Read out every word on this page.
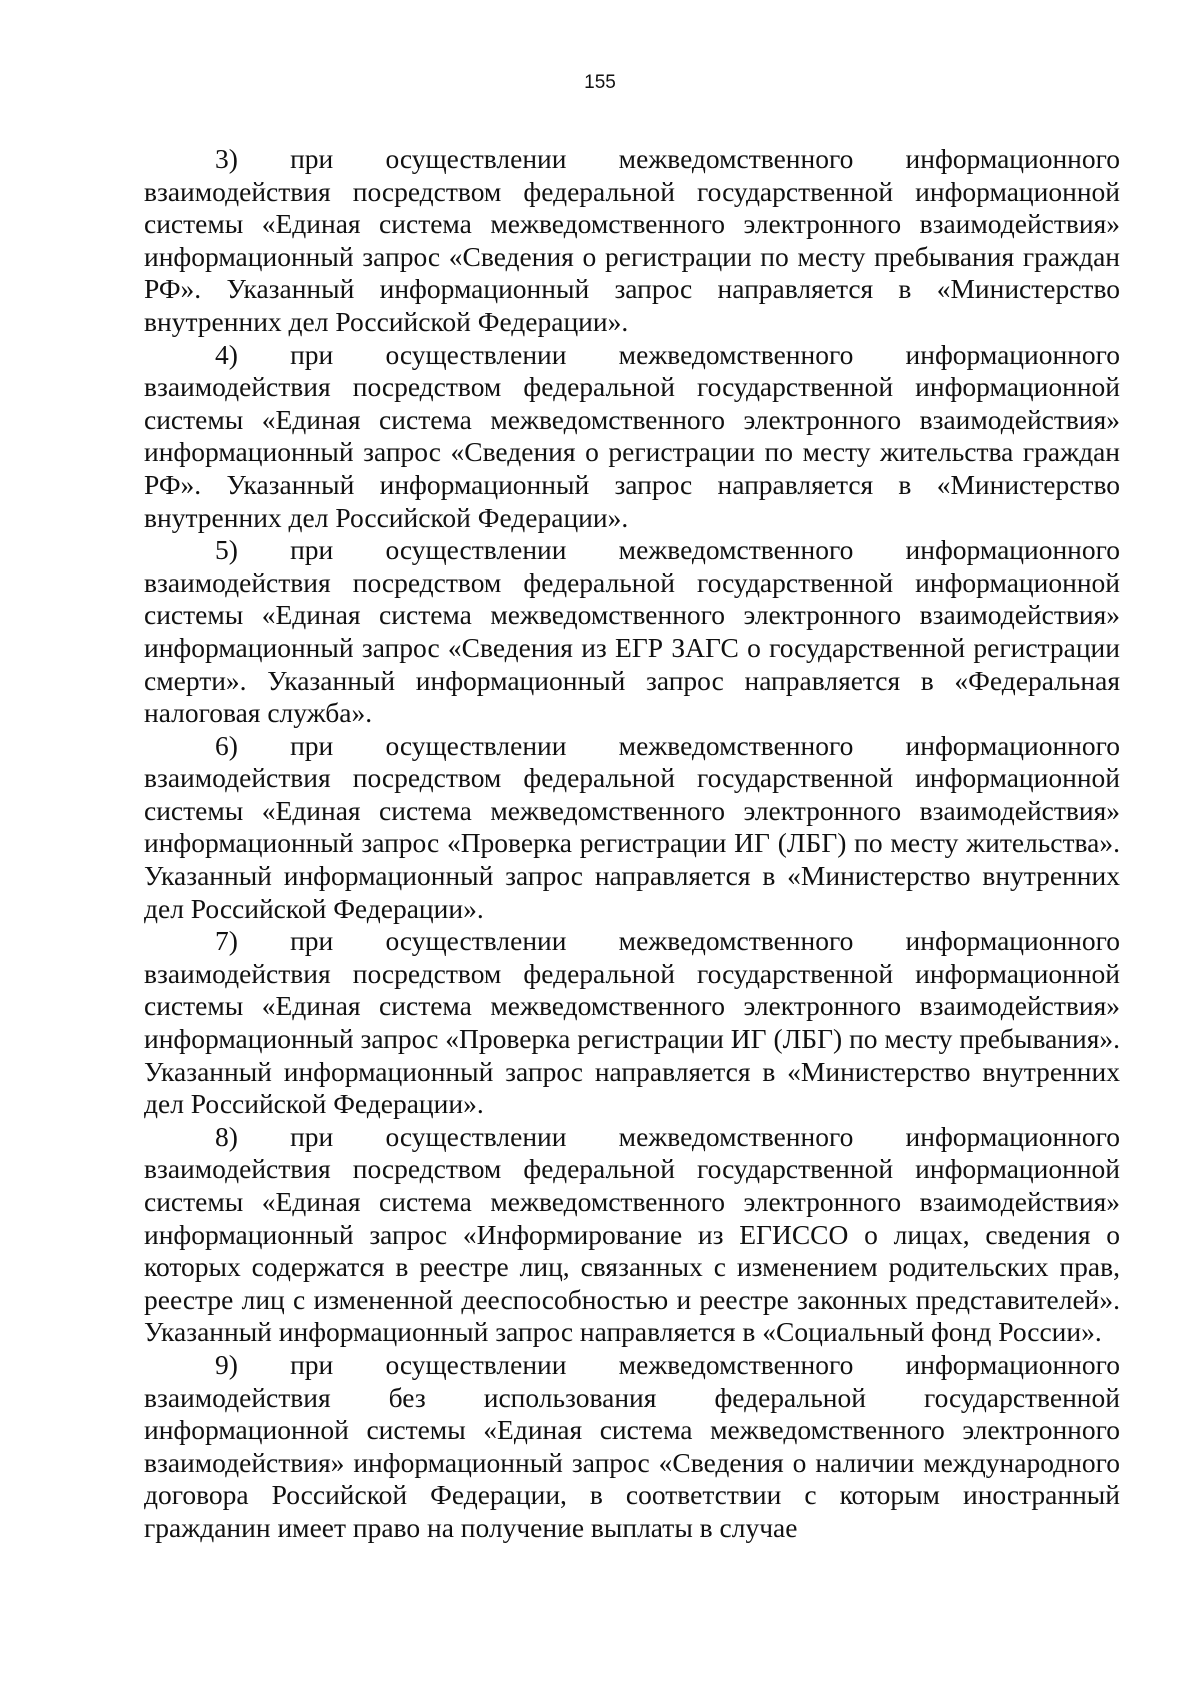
155

3) при осуществлении межведомственного информационного взаимодействия посредством федеральной государственной информационной системы «Единая система межведомственного электронного взаимодействия» информационный запрос «Сведения о регистрации по месту пребывания граждан РФ». Указанный информационный запрос направляется в «Министерство внутренних дел Российской Федерации».

4) при осуществлении межведомственного информационного взаимодействия посредством федеральной государственной информационной системы «Единая система межведомственного электронного взаимодействия» информационный запрос «Сведения о регистрации по месту жительства граждан РФ». Указанный информационный запрос направляется в «Министерство внутренних дел Российской Федерации».

5) при осуществлении межведомственного информационного взаимодействия посредством федеральной государственной информационной системы «Единая система межведомственного электронного взаимодействия» информационный запрос «Сведения из ЕГР ЗАГС о государственной регистрации смерти». Указанный информационный запрос направляется в «Федеральная налоговая служба».

6) при осуществлении межведомственного информационного взаимодействия посредством федеральной государственной информационной системы «Единая система межведомственного электронного взаимодействия» информационный запрос «Проверка регистрации ИГ (ЛБГ) по месту жительства». Указанный информационный запрос направляется в «Министерство внутренних дел Российской Федерации».

7) при осуществлении межведомственного информационного взаимодействия посредством федеральной государственной информационной системы «Единая система межведомственного электронного взаимодействия» информационный запрос «Проверка регистрации ИГ (ЛБГ) по месту пребывания». Указанный информационный запрос направляется в «Министерство внутренних дел Российской Федерации».

8) при осуществлении межведомственного информационного взаимодействия посредством федеральной государственной информационной системы «Единая система межведомственного электронного взаимодействия» информационный запрос «Информирование из ЕГИССО о лицах, сведения о которых содержатся в реестре лиц, связанных с изменением родительских прав, реестре лиц с измененной дееспособностью и реестре законных представителей». Указанный информационный запрос направляется в «Социальный фонд России».

9) при осуществлении межведомственного информационного взаимодействия без использования федеральной государственной информационной системы «Единая система межведомственного электронного взаимодействия» информационный запрос «Сведения о наличии международного договора Российской Федерации, в соответствии с которым иностранный гражданин имеет право на получение выплаты в случае
